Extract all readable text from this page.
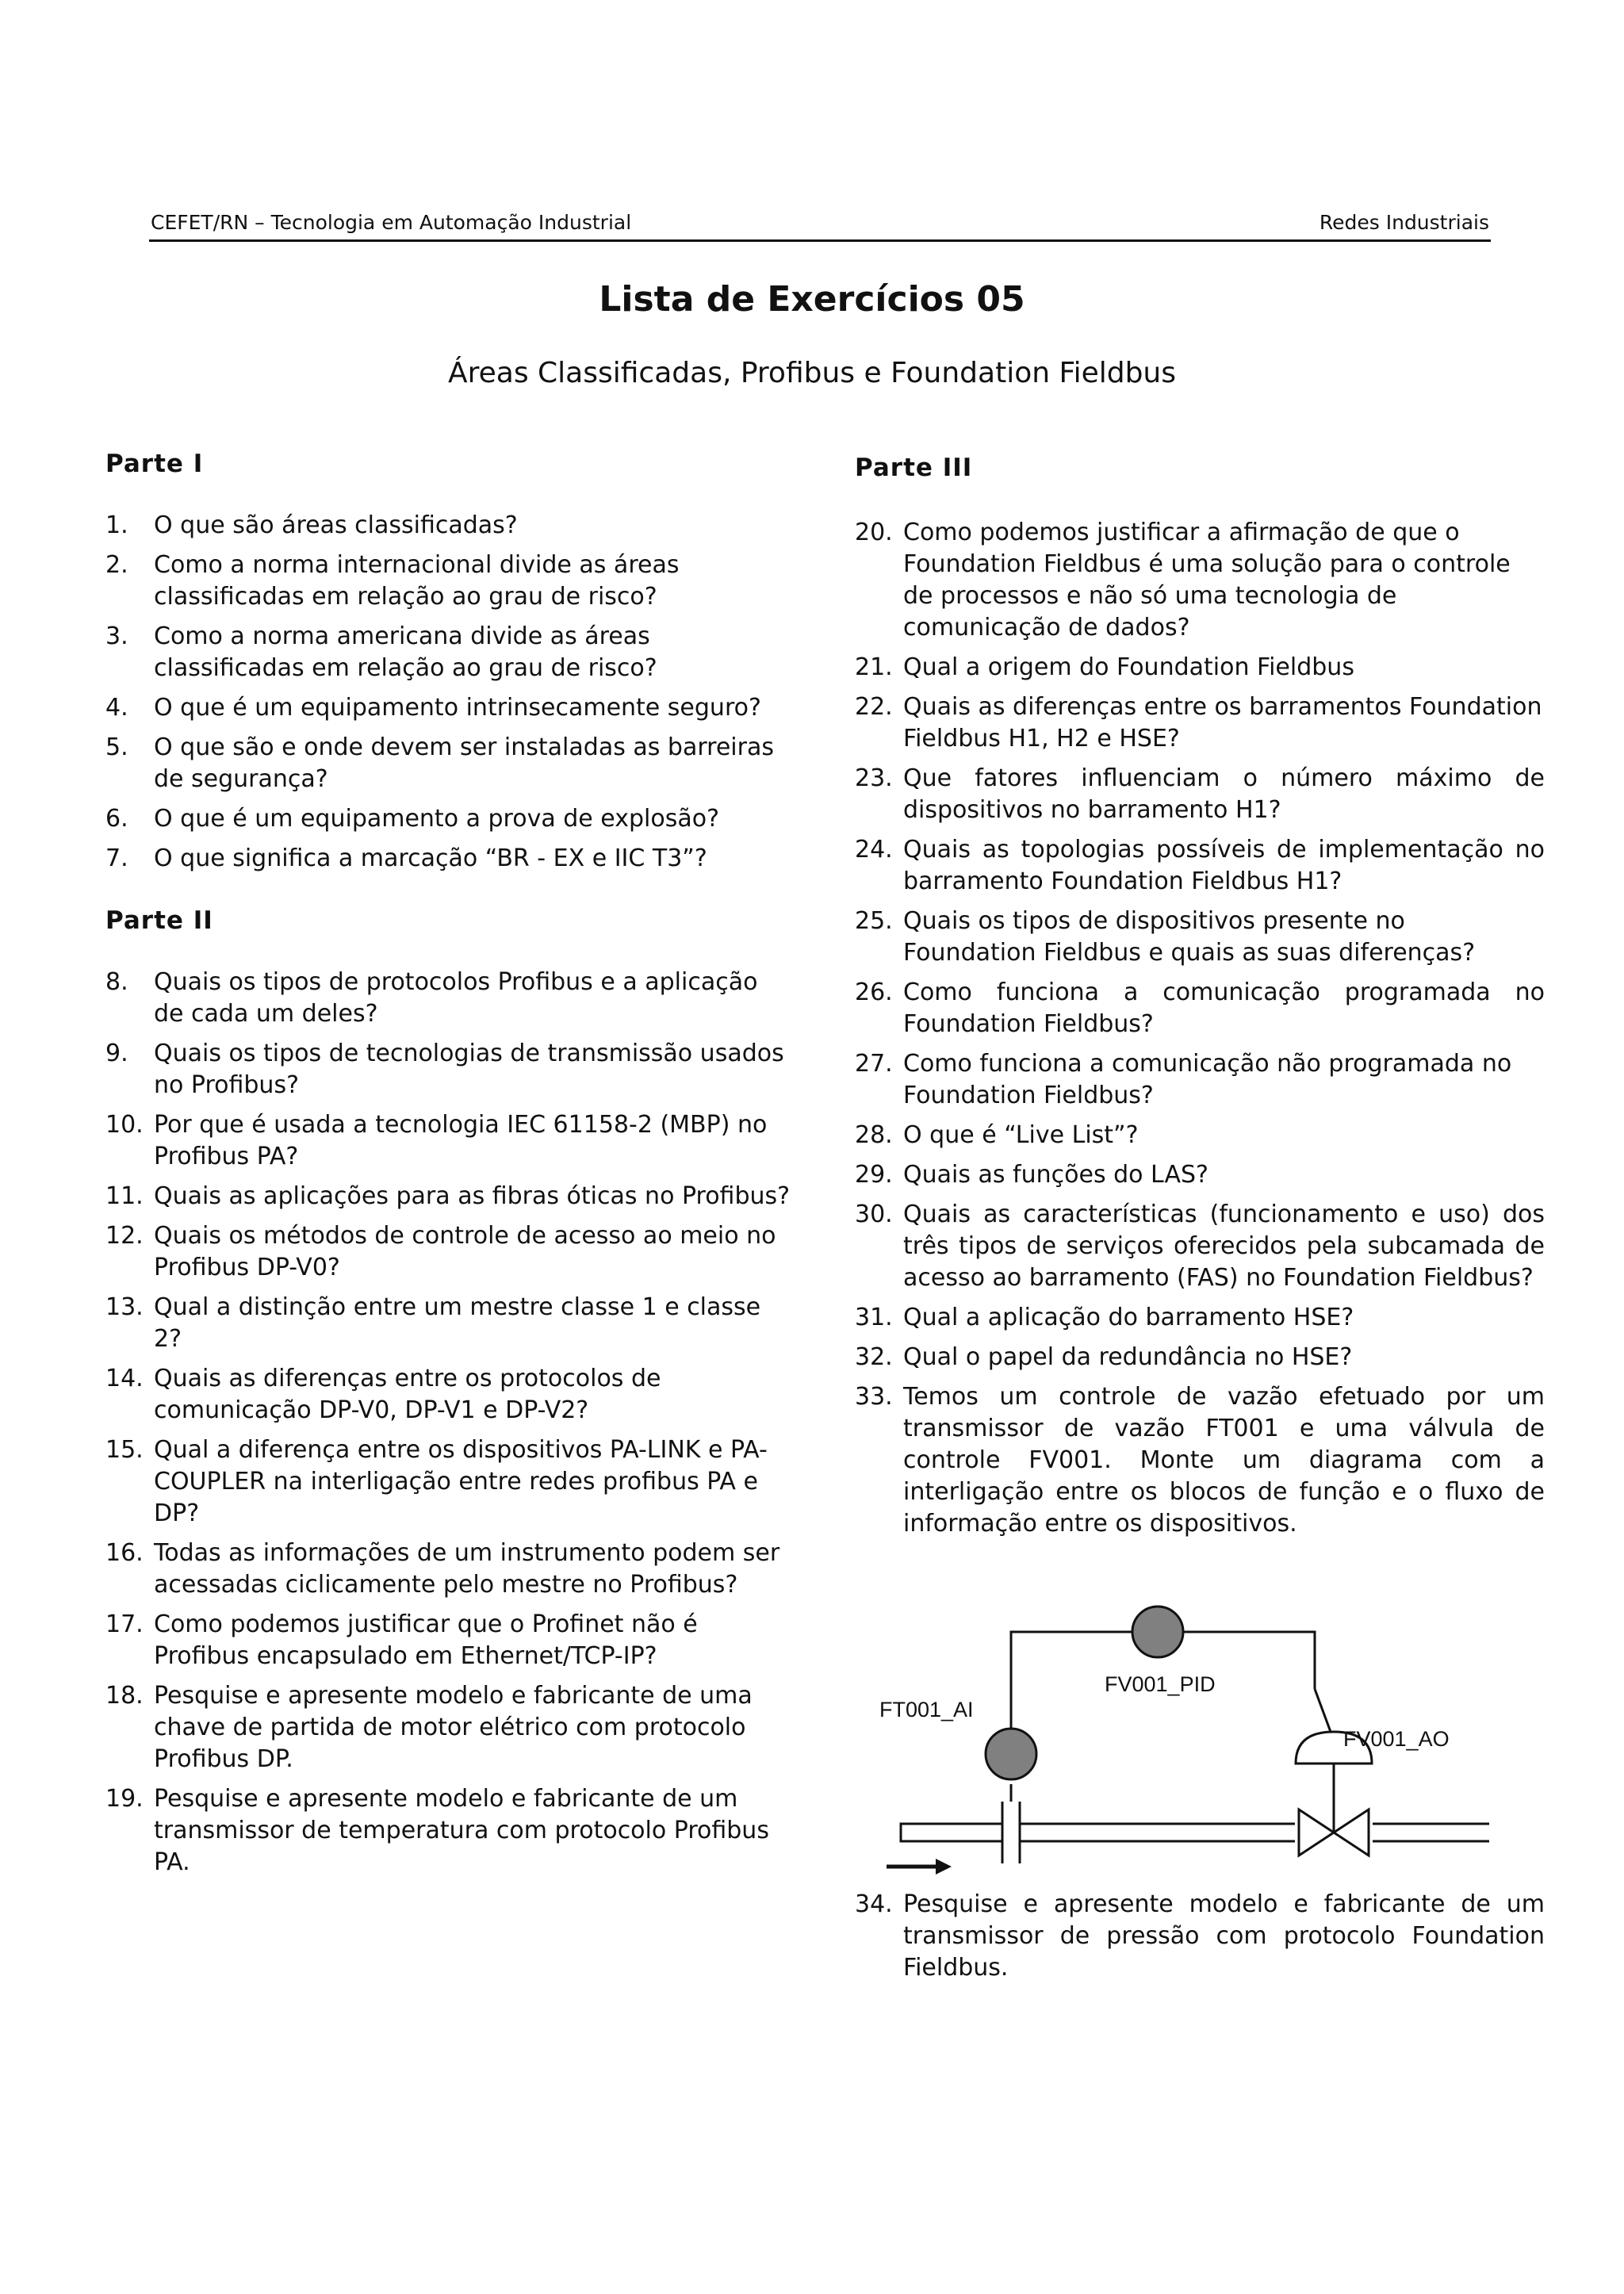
CEFET/RN – Tecnologia em Automação Industrial	Redes Industriais
Lista de Exercícios 05
Áreas Classificadas, Profibus e Foundation Fieldbus
Parte I
1. O que são áreas classificadas?
2. Como a norma internacional divide as áreas classificadas em relação ao grau de risco?
3. Como a norma americana divide as áreas classificadas em relação ao grau de risco?
4. O que é um equipamento intrinsecamente seguro?
5. O que são e onde devem ser instaladas as barreiras de segurança?
6. O que é um equipamento a prova de explosão?
7. O que significa a marcação “BR - EX e IIC T3”?
Parte II
8. Quais os tipos de protocolos Profibus e a aplicação de cada um deles?
9. Quais os tipos de tecnologias de transmissão usados no Profibus?
10. Por que é usada a tecnologia IEC 61158-2 (MBP) no Profibus PA?
11. Quais as aplicações para as fibras óticas no Profibus?
12. Quais os métodos de controle de acesso ao meio no Profibus DP-V0?
13. Qual a distinção entre um mestre classe 1 e classe 2?
14. Quais as diferenças entre os protocolos de comunicação DP-V0, DP-V1 e DP-V2?
15. Qual a diferença entre os dispositivos PA-LINK e PA-COUPLER na interligação entre redes profibus PA e DP?
16. Todas as informações de um instrumento podem ser acessadas ciclicamente pelo mestre no Profibus?
17. Como podemos justificar que o Profinet não é Profibus encapsulado em Ethernet/TCP-IP?
18. Pesquise e apresente modelo e fabricante de uma chave de partida de motor elétrico com protocolo Profibus DP.
19. Pesquise e apresente modelo e fabricante de um transmissor de temperatura com protocolo Profibus PA.
Parte III
20. Como podemos justificar a afirmação de que o Foundation Fieldbus é uma solução para o controle de processos e não só uma tecnologia de comunicação de dados?
21. Qual a origem do Foundation Fieldbus
22. Quais as diferenças entre os barramentos Foundation Fieldbus H1, H2 e HSE?
23. Que fatores influenciam o número máximo de dispositivos no barramento H1?
24. Quais as topologias possíveis de implementação no barramento Foundation Fieldbus H1?
25. Quais os tipos de dispositivos presente no Foundation Fieldbus e quais as suas diferenças?
26. Como funciona a comunicação programada no Foundation Fieldbus?
27. Como funciona a comunicação não programada no Foundation Fieldbus?
28. O que é “Live List”?
29. Quais as funções do LAS?
30. Quais as características (funcionamento e uso) dos três tipos de serviços oferecidos pela subcamada de acesso ao barramento (FAS) no Foundation Fieldbus?
31. Qual a aplicação do barramento HSE?
32. Qual o papel da redundância no HSE?
33. Temos um controle de vazão efetuado por um transmissor de vazão FT001 e uma válvula de controle FV001. Monte um diagrama com a interligação entre os blocos de função e o fluxo de informação entre os dispositivos.
FT001_AI
FV001_PID
FV001_AO
34. Pesquise e apresente modelo e fabricante de um transmissor de pressão com protocolo Foundation Fieldbus.
